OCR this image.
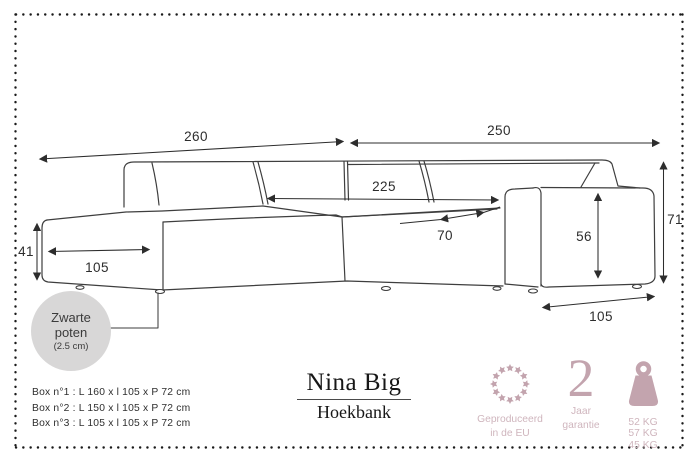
260	250
225
70	56
71
105
105
41
Zwarte
poten
(2.5 cm)
Box n°1 : L 160 x l 105 x P 72 cm
Box n°2 : L 150 x l 105 x P 72 cm
Box n°3 : L 105 x l 105 x P 72 cm
Nina Big
Hoekbank	Geproduceerd
in de EU
2
Jaar
garantie	52 KG
57 KG
45 KG
